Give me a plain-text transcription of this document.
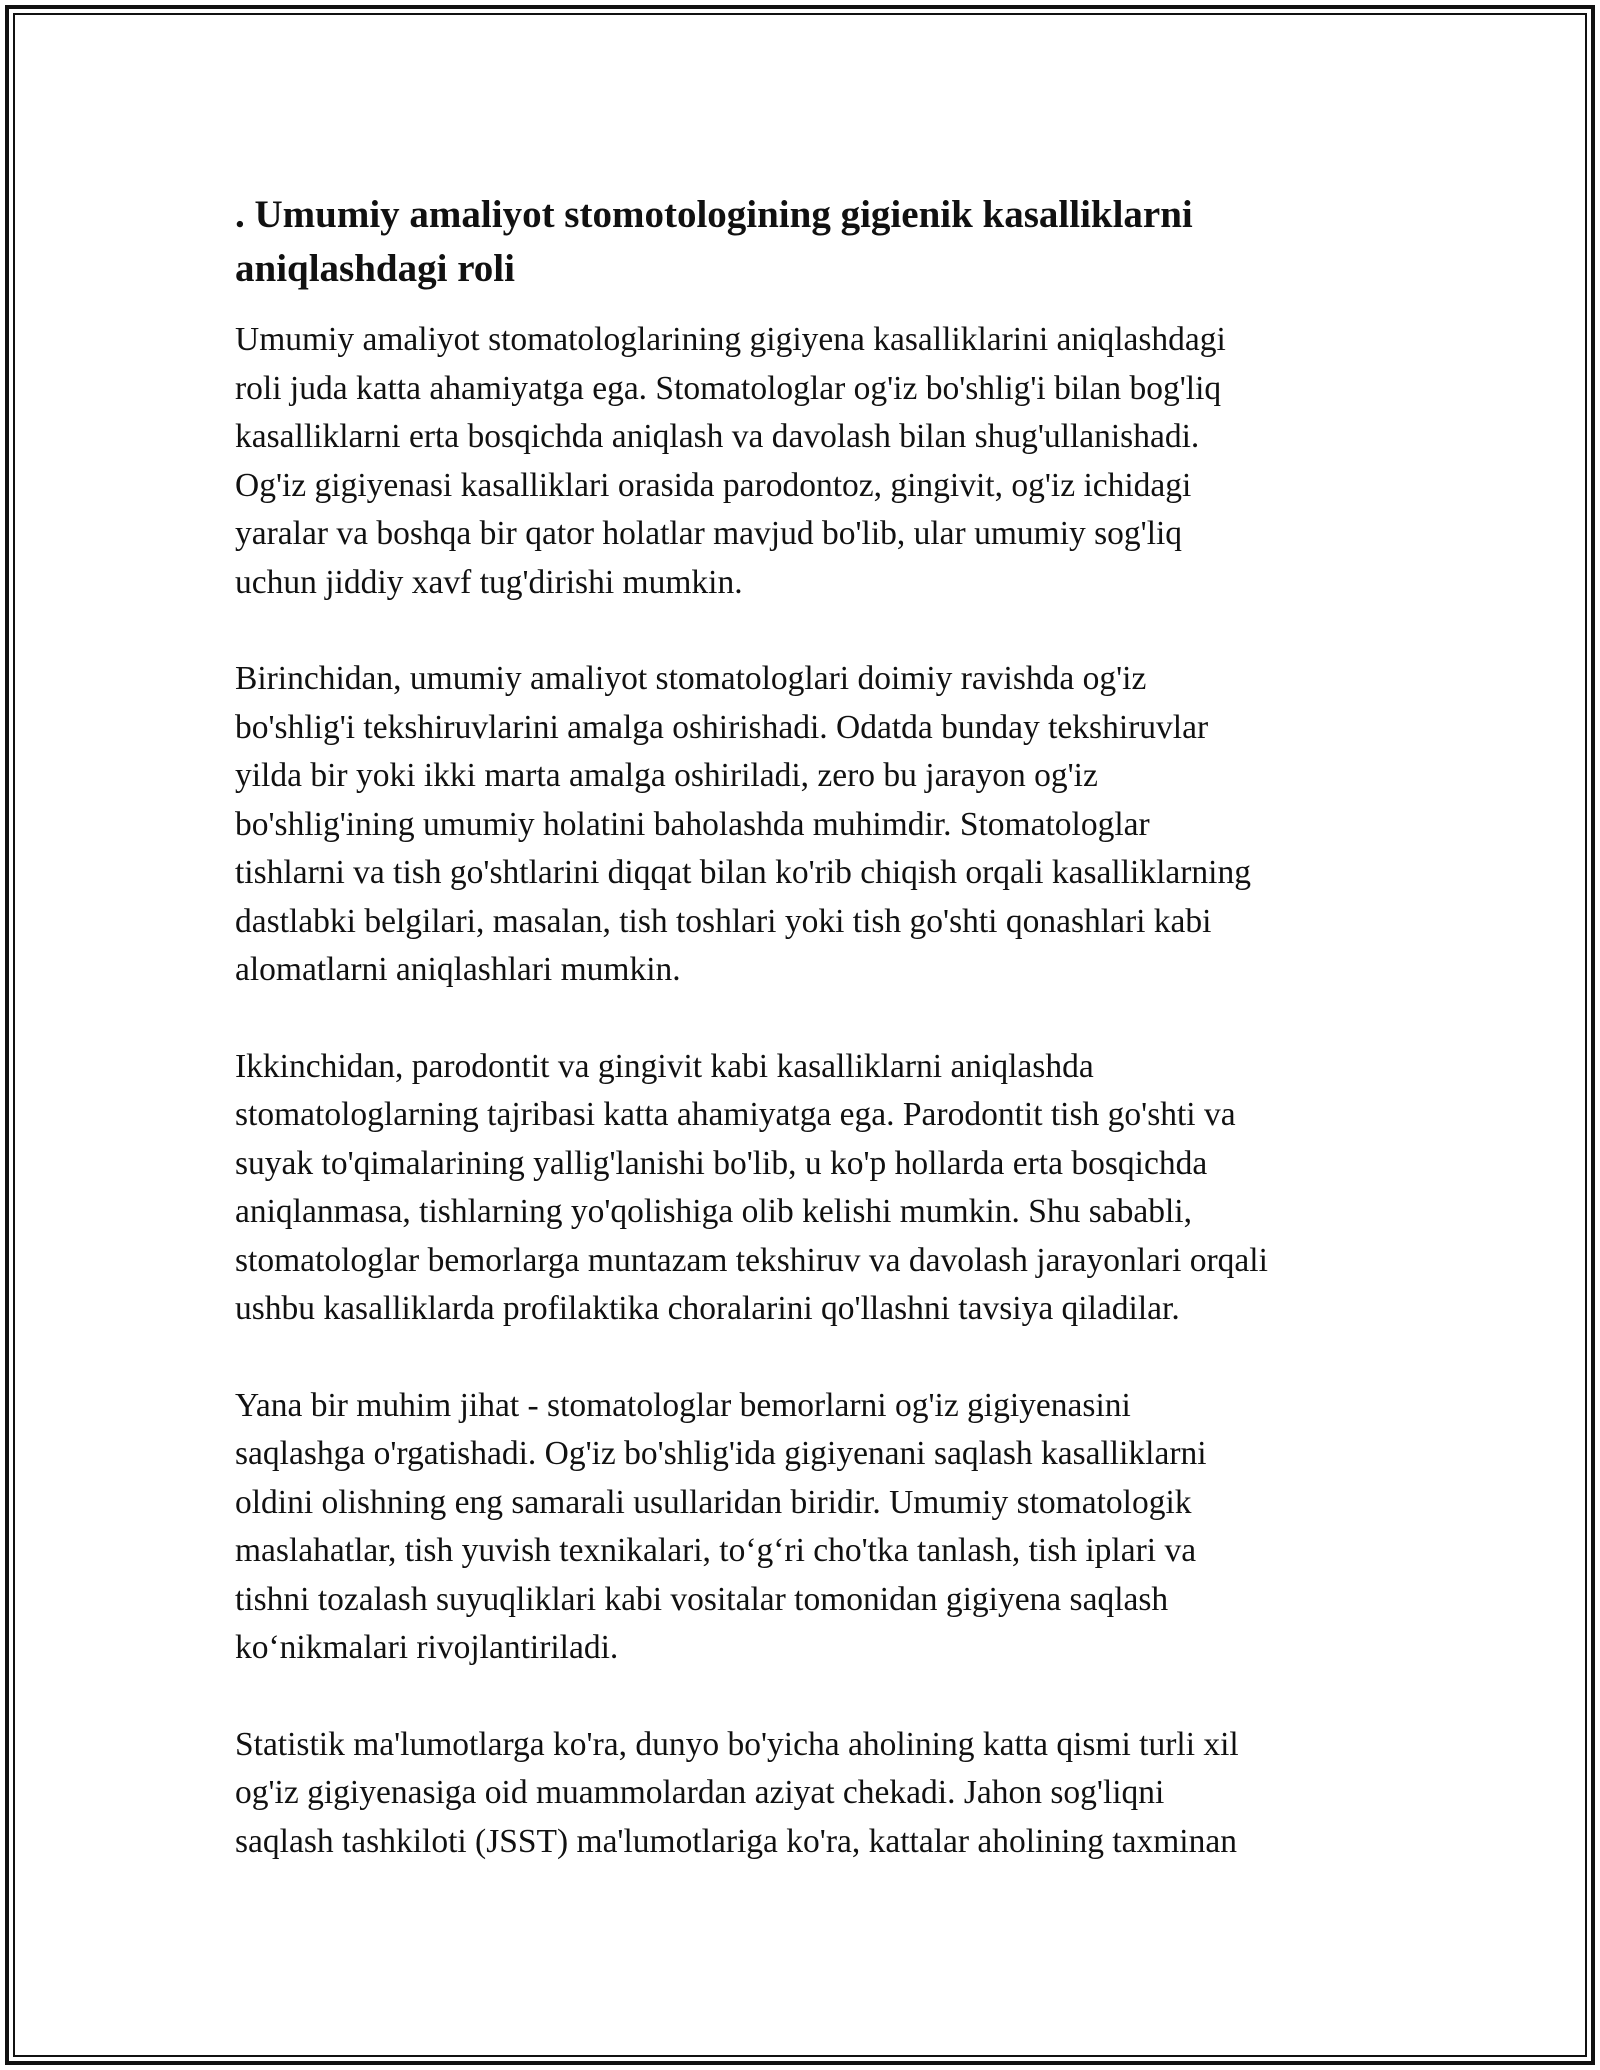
. Umumiy amaliyot stomotologining gigienik kasalliklarni aniqlashdagi roli
Umumiy amaliyot stomatologlarining gigiyena kasalliklarini aniqlashdagi
roli juda katta ahamiyatga ega. Stomatologlar og'iz bo'shlig'i bilan bog'liq
kasalliklarni erta bosqichda aniqlash va davolash bilan shug'ullanishadi.
Og'iz gigiyenasi kasalliklari orasida parodontoz, gingivit, og'iz ichidagi
yaralar va boshqa bir qator holatlar mavjud bo'lib, ular umumiy sog'liq
uchun jiddiy xavf tug'dirishi mumkin.
Birinchidan, umumiy amaliyot stomatologlari doimiy ravishda og'iz
bo'shlig'i tekshiruvlarini amalga oshirishadi. Odatda bunday tekshiruvlar
yilda bir yoki ikki marta amalga oshiriladi, zero bu jarayon og'iz
bo'shlig'ining umumiy holatini baholashda muhimdir. Stomatologlar
tishlarni va tish go'shtlarini diqqat bilan ko'rib chiqish orqali kasalliklarning
dastlabki belgilari, masalan, tish toshlari yoki tish go'shti qonashlari kabi
alomatlarni aniqlashlari mumkin.
Ikkinchidan, parodontit va gingivit kabi kasalliklarni aniqlashda
stomatologlarning tajribasi katta ahamiyatga ega. Parodontit tish go'shti va
suyak to'qimalarining yallig'lanishi bo'lib, u ko'p hollarda erta bosqichda
aniqlanmasa, tishlarning yo'qolishiga olib kelishi mumkin. Shu sababli,
stomatologlar bemorlarga muntazam tekshiruv va davolash jarayonlari orqali
ushbu kasalliklarda profilaktika choralarini qo'llashni tavsiya qiladilar.
Yana bir muhim jihat - stomatologlar bemorlarni og'iz gigiyenasini
saqlashga o'rgatishadi. Og'iz bo'shlig'ida gigiyenani saqlash kasalliklarni
oldini olishning eng samarali usullaridan biridir. Umumiy stomatologik
maslahatlar, tish yuvish texnikalari, to‘g‘ri cho'tka tanlash, tish iplari va
tishni tozalash suyuqliklari kabi vositalar tomonidan gigiyena saqlash
ko‘nikmalari rivojlantiriladi.
Statistik ma'lumotlarga ko'ra, dunyo bo'yicha aholining katta qismi turli xil
og'iz gigiyenasiga oid muammolardan aziyat chekadi. Jahon sog'liqni
saqlash tashkiloti (JSST) ma'lumotlariga ko'ra, kattalar aholining taxminan
